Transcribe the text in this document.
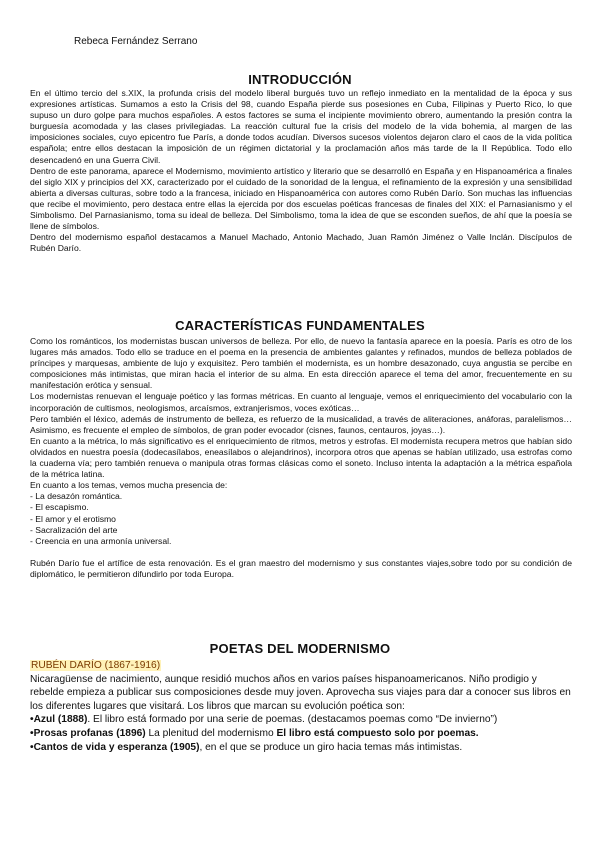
Rebeca Fernández Serrano
INTRODUCCIÓN

En el último tercio del s.XIX, la profunda crisis del modelo liberal burgués tuvo un reflejo inmediato en la mentalidad de la época y sus expresiones artísticas. Sumamos a esto la Crisis del 98, cuando España pierde sus posesiones en Cuba, Filipinas y Puerto Rico, lo que supuso un duro golpe para muchos españoles. A estos factores se suma el incipiente movimiento obrero, aumentando la presión contra la burguesía acomodada y las clases privilegiadas. La reacción cultural fue la crisis del modelo de la vida bohemia, al margen de las imposiciones sociales, cuyo epicentro fue París, a donde todos acudían. Diversos sucesos violentos dejaron claro el caos de la vida política española; entre ellos destacan la imposición de un régimen dictatorial y la proclamación años más tarde de la II República. Todo ello desencadenó en una Guerra Civil.

Dentro de este panorama, aparece el Modernismo, movimiento artístico y literario que se desarrolló en España y en Hispanoamérica a finales del siglo XIX y principios del XX, caracterizado por el cuidado de la sonoridad de la lengua, el refinamiento de la expresión y una sensibilidad abierta a diversas culturas, sobre todo a la francesa, iniciado en Hispanoamérica con autores como Rubén Darío. Son muchas las influencias que recibe el movimiento, pero destaca entre ellas la ejercida por dos escuelas poéticas francesas de finales del XIX: el Parnasianismo y el Simbolismo. Del Parnasianismo, toma su ideal de belleza. Del Simbolismo, toma la idea de que se esconden sueños, de ahí que la poesía se llene de símbolos.

Dentro del modernismo español destacamos a Manuel Machado, Antonio Machado, Juan Ramón Jiménez o Valle Inclán. Discípulos de Rubén Darío.

CARACTERÍSTICAS FUNDAMENTALES

Como los románticos, los modernistas buscan universos de belleza. Por ello, de nuevo la fantasía aparece en la poesía. París es otro de los lugares más amados. Todo ello se traduce en el poema en la presencia de ambientes galantes y refinados, mundos de belleza poblados de príncipes y marquesas, ambiente de lujo y exquisitez. Pero también el modernista, es un hombre desazonado, cuya angustia se percibe en composiciones más intimistas, que miran hacia el interior de su alma. En esta dirección aparece el tema del amor, frecuentemente en su manifestación erótica y sensual.

Los modernistas renuevan el lenguaje poético y las formas métricas. En cuanto al lenguaje, vemos el enriquecimiento del vocabulario con la incorporación de cultismos, neologismos, arcaísmos, extranjerismos, voces exóticas…

Pero también el léxico, además de instrumento de belleza, es refuerzo de la musicalidad, a través de aliteraciones, anáforas, paralelismos… Asimismo, es frecuente el empleo de símbolos, de gran poder evocador (cisnes, faunos, centauros, joyas…).

En cuanto a la métrica, lo más significativo es el enriquecimiento de ritmos, metros y estrofas. El modernista recupera metros que habían sido olvidados en nuestra poesía (dodecasílabos, eneasílabos o alejandrinos), incorpora otros que apenas se habían utilizado, usa estrofas como la cuaderna vía; pero también renueva o manipula otras formas clásicas como el soneto. Incluso intenta la adaptación a la métrica española de la métrica latina.

En cuanto a los temas, vemos mucha presencia de:

- La desazón romántica.
- El escapismo.
- El amor y el erotismo
- Sacralización del arte
- Creencia en una armonía universal.

Rubén Darío fue el artífice de esta renovación. Es el gran maestro del modernismo y sus constantes viajes,sobre todo por su condición de diplomático, le permitieron difundirlo por toda Europa.

POETAS DEL MODERNISMO

RUBÉN DARÍO (1867-1916)

Nicaragüense de nacimiento, aunque residió muchos años en varios países hispanoamericanos. Niño prodigio y rebelde empieza a publicar sus composiciones desde muy joven. Aprovecha sus viajes para dar a conocer sus libros en los diferentes lugares que visitará. Los libros que marcan su evolución poética son:

•Azul (1888). El libro está formado por una serie de poemas. (destacamos poemas como “De invierno”)

•Prosas profanas (1896) La plenitud del modernismo El libro está compuesto solo por poemas.

•Cantos de vida y esperanza (1905), en el que se produce un giro hacia temas más intimistas.
